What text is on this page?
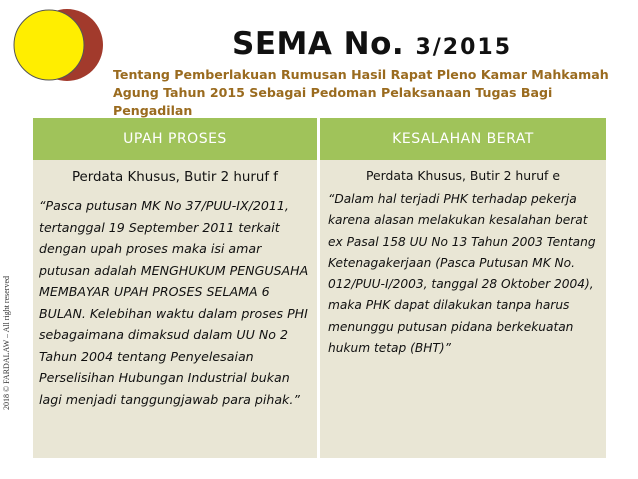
SEMA No. 3/2015
Tentang Pemberlakuan Rumusan Hasil Rapat Pleno Kamar Mahkamah
Agung Tahun 2015 Sebagai Pedoman Pelaksanaan Tugas Bagi Pengadilan
2018 © FARDALAW – All right reserved
UPAH PROSES
Perdata Khusus, Butir 2 huruf f
“Pasca putusan MK No 37/PUU-IX/2011, tertanggal 19 September 2011 terkait dengan upah proses maka isi amar putusan adalah MENGHUKUM PENGUSAHA MEMBAYAR UPAH PROSES SELAMA 6 BULAN. Kelebihan waktu dalam proses PHI sebagaimana dimaksud dalam UU No 2 Tahun 2004 tentang Penyelesaian Perselisihan Hubungan Industrial bukan lagi menjadi tanggungjawab para pihak.”
KESALAHAN BERAT
Perdata Khusus, Butir 2 huruf e
“Dalam hal terjadi PHK terhadap pekerja karena alasan melakukan kesalahan berat ex Pasal 158 UU No 13 Tahun 2003 Tentang Ketenagakerjaan (Pasca Putusan MK No. 012/PUU-I/2003, tanggal 28 Oktober 2004), maka PHK dapat dilakukan tanpa harus menunggu putusan pidana berkekuatan hukum tetap (BHT)”
